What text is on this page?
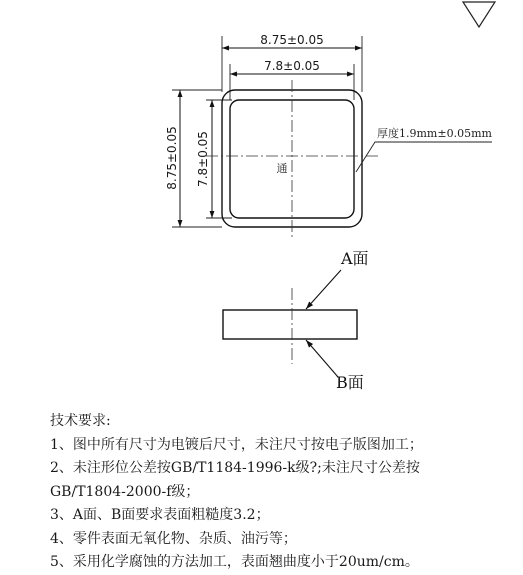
8.75±0.05
7.8±0.05
8.75±0.05 7.8±0.05	通
厚度1.9mm±0.05mm
A面
B面
技术要求:
1、图中所有尺寸为电镀后尺寸，未注尺寸按电子版图加工；
2、未注形位公差按GB/T1184-1996-k级?;未注尺寸公差按
GB/T1804-2000-f级；
3、A面、B面要求表面粗糙度3.2；
4、零件表面无氧化物、杂质、油污等；
5、采用化学腐蚀的方法加工，表面翘曲度小于20um/cm。
